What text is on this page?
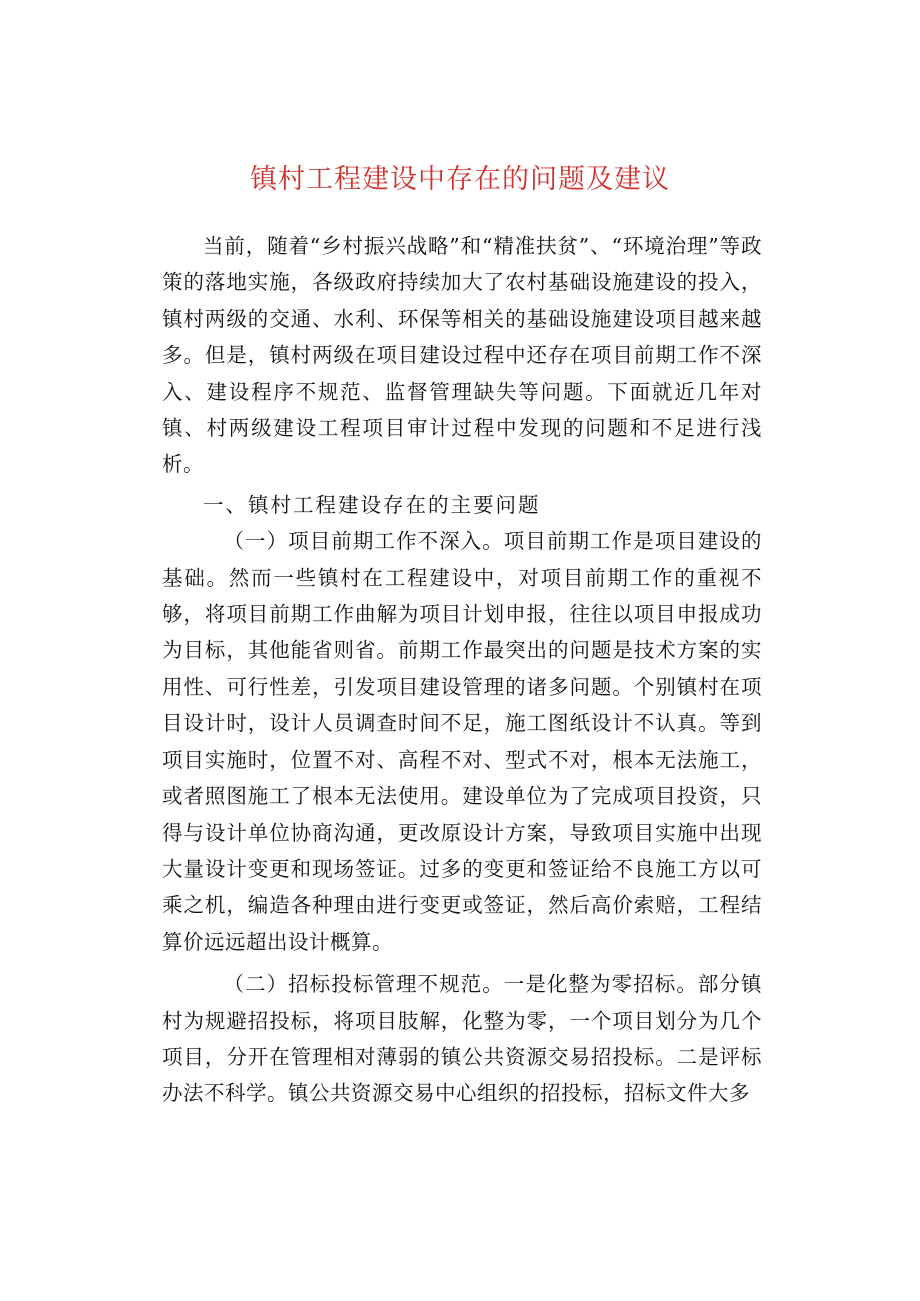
镇村工程建设中存在的问题及建议

当前，随着“乡村振兴战略”和“精准扶贫”、“环境治理”等政策的落地实施，各级政府持续加大了农村基础设施建设的投入，镇村两级的交通、水利、环保等相关的基础设施建设项目越来越多。但是，镇村两级在项目建设过程中还存在项目前期工作不深入、建设程序不规范、监督管理缺失等问题。下面就近几年对镇、村两级建设工程项目审计过程中发现的问题和不足进行浅析。

一、镇村工程建设存在的主要问题

（一）项目前期工作不深入。项目前期工作是项目建设的基础。然而一些镇村在工程建设中，对项目前期工作的重视不够，将项目前期工作曲解为项目计划申报，往往以项目申报成功为目标，其他能省则省。前期工作最突出的问题是技术方案的实用性、可行性差，引发项目建设管理的诸多问题。个别镇村在项目设计时，设计人员调查时间不足，施工图纸设计不认真。等到项目实施时，位置不对、高程不对、型式不对，根本无法施工，或者照图施工了根本无法使用。建设单位为了完成项目投资，只得与设计单位协商沟通，更改原设计方案，导致项目实施中出现大量设计变更和现场签证。过多的变更和签证给不良施工方以可乘之机，编造各种理由进行变更或签证，然后高价索赔，工程结算价远远超出设计概算。

（二）招标投标管理不规范。一是化整为零招标。部分镇村为规避招投标，将项目肢解，化整为零，一个项目划分为几个项目，分开在管理相对薄弱的镇公共资源交易招投标。二是评标办法不科学。镇公共资源交易中心组织的招投标，招标文件大多
